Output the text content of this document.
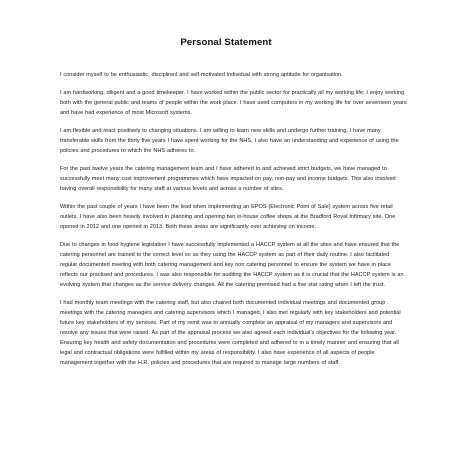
Personal Statement

I consider myself to be enthusiastic, disciplined and self-motivated individual with strong aptitude for organisation.

I am hardworking, diligent and a good timekeeper. I have worked within the public sector for practically all my working life; I enjoy working both with the general public and teams of people within the work place. I have used computers in my working life for over seventeen years and have had experience of most Microsoft systems.

I am flexible and react positively to changing situations. I am willing to learn new skills and undergo further training. I have many transferable skills from the thirty five years I have spent working for the NHS, I also have an understanding and experience of using the policies and procedures to which the NHS adheres to.

For the past twelve years the catering management team and I have adhered to and achieved strict budgets, we have managed to successfully meet many cost improvement programmes which have impacted on pay, non-pay and income budgets. This also involved having overall responsibility for many staff at various levels and across a number of sites.

Within the past couple of years I have been the lead when implementing an EPOS (Electronic Point of Sale) system across five retail outlets. I have also been heavily involved in planning and opening two in-house coffee shops at the Bradford Royal Infirmary site. One opened in 2012 and one opened in 2013. Both these areas are significantly over achieving on income.

Due to changes in food hygiene legislation I have successfully implemented a HACCP system at all the sites and have ensured that the catering personnel are trained to the correct level so as they using the HACCP system as part of their daily routine. I also facilitated regular documented meeting with both catering management and key non catering personnel to ensure the system we have in place reflects our practised and procedures. I was also responsible for auditing the HACCP system as it is crucial that the HACCP system is an evolving system that changes as the service delivery changes. All the catering premised had a five star rating when I left the trust.

I had monthly team meetings with the catering staff, but also chaired both documented individual meetings and documented group meetings with the catering managers and catering supervisors which I managed. I also met regularly with key stakeholders and potential future key stakeholders of my services. Part of my remit was to annually complete an appraisal of my managers and supervisors and resolve any issues that were raised. As part of the appraisal process we also agreed each individual’s objectives for the following year.

Ensuring key health and safety documentation and procedures were completed and adhered to in a timely manner and ensuring that all legal and contractual obligations were fulfilled within my areas of responsibility. I also have experience of all aspects of people management together with the H.R. policies and procedures that are required to manage large numbers of staff.
